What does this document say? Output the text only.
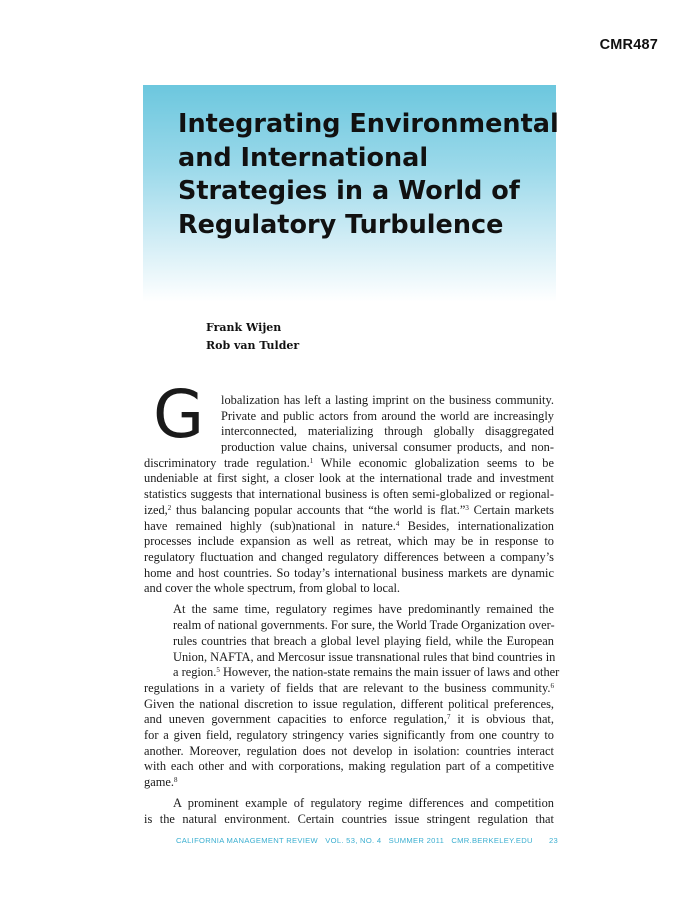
CMR487
Integrating Environmental
and International
Strategies in a World of
Regulatory Turbulence
Frank Wijen
Rob van Tulder
G	lobalization has left a lasting imprint on the business community.
Private and public actors from around the world are increasingly
interconnected, materializing through globally disaggregated
production value chains, universal consumer products, and non-
discriminatory trade regulation.$^1$ While economic globalization seems to be
undeniable at first sight, a closer look at the international trade and investment
statistics suggests that international business is often semi-globalized or regional-
ized,$^2$ thus balancing popular accounts that “the world is flat.”$^3$ Certain markets
have remained highly (sub)national in nature.$^4$ Besides, internationalization
processes include expansion as well as retreat, which may be in response to
regulatory fluctuation and changed regulatory differences between a company’s
home and host countries. So today’s international business markets are dynamic
and cover the whole spectrum, from global to local.
At the same time, regulatory regimes have predominantly remained the
realm of national governments. For sure, the World Trade Organization over-
rules countries that breach a global level playing field, while the European
Union, NAFTA, and Mercosur issue transnational rules that bind countries in
a region.$^5$ However, the nation-state remains the main issuer of laws and other
regulations in a variety of fields that are relevant to the business community.$^6$
Given the national discretion to issue regulation, different political preferences,
and uneven government capacities to enforce regulation,$^7$ it is obvious that,
for a given field, regulatory stringency varies significantly from one country to
another. Moreover, regulation does not develop in isolation: countries interact
with each other and with corporations, making regulation part of a competitive
game.$^8$
A prominent example of regulatory regime differences and competition
is the natural environment. Certain countries issue stringent regulation that
CALIFORNIA MANAGEMENT REVIEW VOL. 53, NO. 4 SUMMER 2011 CMR.BERKELEY.EDU 23
